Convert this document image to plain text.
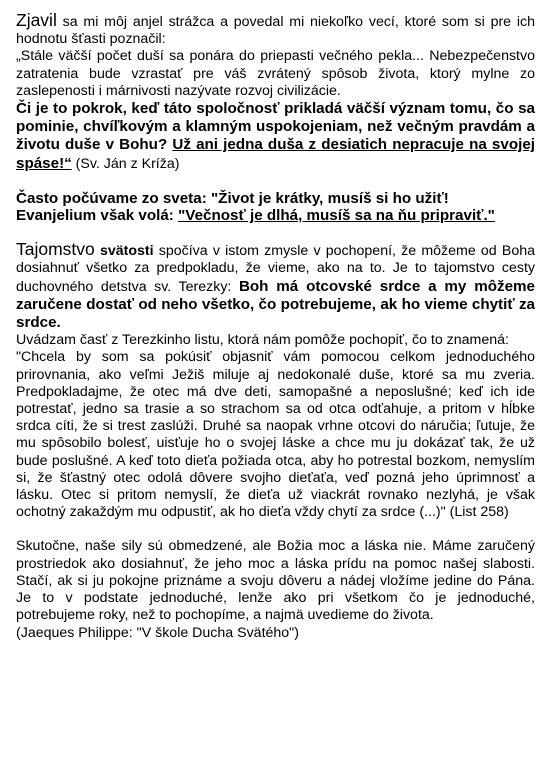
Zjavil sa mi môj anjel strážca a povedal mi niekoľko vecí, ktoré som si pre ich hodnotu šťasti poznačil:

„Stále väčší počet duší sa ponára do priepasti večného pekla... Nebezpečenstvo zatratenia bude vzrastať pre váš zvrátený spôsob života, ktorý mylne zo zaslepenosti i márnivosti nazývate rozvoj civilizácie.

Či je to pokrok, keď táto spoločnosť prikladá väčší význam tomu, čo sa pominie, chvíľkovým a klamným uspokojeniam, než večným pravdám a životu duše v Bohu? Už ani jedna duša z desiatich nepracuje na svojej spáse!“ (Sv. Ján z Kríža)

Často počúvame zo sveta: "Život je krátky, musíš si ho užiť!
Evanjelium však volá: "Večnosť je dlhá, musíš sa na ňu pripraviť."

Tajomstvo svätosti spočíva v istom zmysle v pochopení, že môžeme od Boha dosiahnuť všetko za predpokladu, že vieme, ako na to. Je to tajomstvo cesty duchovného detstva sv. Terezky: Boh má otcovské srdce a my môžeme zaručene dostať od neho všetko, čo potrebujeme, ak ho vieme chytiť za srdce.

Uvádzam časť z Terezkinho listu, ktorá nám pomôže pochopiť, čo to znamená:

"Chcela by som sa pokúsiť objasniť vám pomocou celkom jednoduchého prirovnania, ako veľmi Ježiš miluje aj nedokonalé duše, ktoré sa mu zveria. Predpokladajme, že otec má dve deti, samopašné a neposlušné; keď ich ide potrestať, jedno sa trasie a so strachom sa od otca odťahuje, a pritom v hĺbke srdca cíti, že si trest zaslúži. Druhé sa naopak vrhne otcovi do náručia; ľutuje, že mu spôsobilo bolesť, uisťuje ho o svojej láske a chce mu ju dokázať tak, že už bude poslušné. A keď toto dieťa požiada otca, aby ho potrestal bozkom, nemyslím si, že šťastný otec odolá dôvere svojho dieťaťa, veď pozná jeho úprimnosť a lásku. Otec si pritom nemyslí, že dieťa už viackrát rovnako nezlyhá, je však ochotný zakaždým mu odpustiť, ak ho dieťa vždy chytí za srdce (...)" (List 258)

Skutočne, naše sily sú obmedzené, ale Božia moc a láska nie. Máme zaručený prostriedok ako dosiahnuť, že jeho moc a láska prídu na pomoc našej slabosti. Stačí, ak si ju pokojne priznáme a svoju dôveru a nádej vložíme jedine do Pána. Je to v podstate jednoduché, lenže ako pri všetkom čo je jednoduché, potrebujeme roky, než to pochopíme, a najmä uvedieme do života.

(Jaeques Philippe: "V škole Ducha Svätého")
